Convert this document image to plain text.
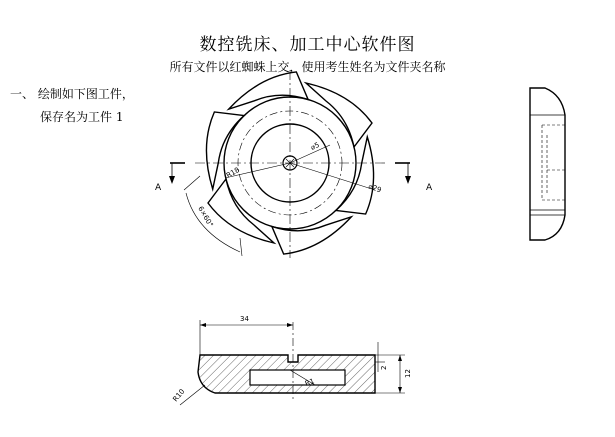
数控铣床、加工中心软件图
所有文件以红蜘蛛上交，使用考生姓名为文件夹名称
一、 绘制如下图工件，
保存名为工件 1
A	A
⌀5
R18
⌀29
6×60°
34
2
12
R10
R1
